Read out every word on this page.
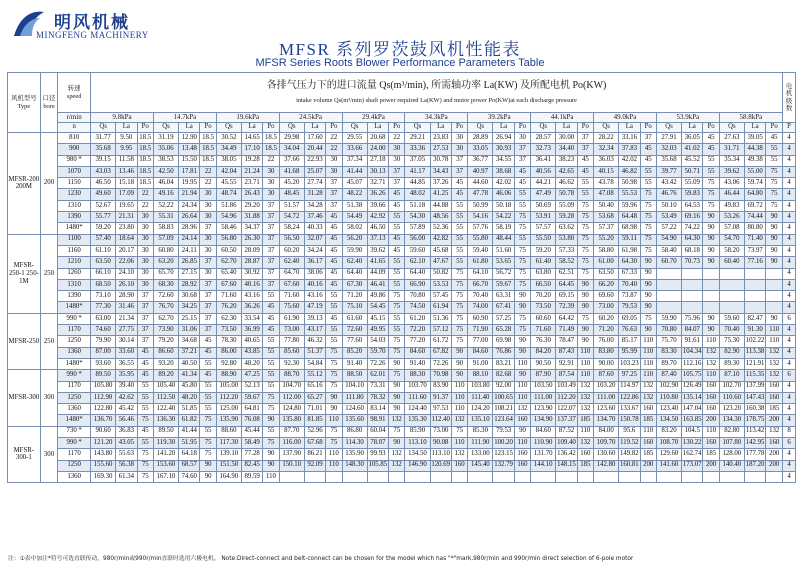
明风机械
MINGFENG MACHINERY
MFSR 系列罗茨鼓风机性能表
MFSR Series Roots Blower Performance Parameters Table
风机型号
Type	口径
bore	转速
speed	各排气压力下的进口流量 Qs(m³/min), 所需轴功率 La(KW) 及所配电机 Po(KW)
intake volume Qs(m³/min) shaft power required La(KW) and motor power Po(KW)at each discharge pressure																																	电机级数
		r/min	9.8kPa			14.7kPa			19.6kPa			24.5kPa			29.4kPa			34.3kPa			39.2kPa			44.1kPa			49.0kPa			53.9kPa			58.8kPa			
		n	Qs	La	Po	Qs	La	Po	Qs	La	Po	Qs	La	Po	Qs	La	Po	Qs	La	Po	Qs	La	Po	Qs	La	Po	Qs	La	Po	Qs	La	Po	Qs	La	Po	P
MFSR-200 200M	200	810	31.77	9.50	18.5	31.19	12.90	18.5	30.52	14.65	18.5	29.98	17.60	22	29.55	20.68	22	29.21	23.83	30	28.89	26.94	30	28.57	30.00	37	28.22	33.16	37	27.91	36.05	45	27.63	39.05	45	4
		900	35.68	9.95	18.5	35.06	13.48	18.5	34.49	17.10	18.5	34.04	20.44	22	33.66	24.00	30	33.36	27.53	30	33.05	30.93	37	32.73	34.40	37	32.34	37.83	45	32.03	41.02	45	31.71	44.38	55	4
		980 *	39.15	11.58	18.5	38.53	15.50	18.5	38.05	19.28	22	37.66	22.93	30	37.34	27.18	30	37.05	30.78	37	36.77	34.55	37	36.41	38.23	45	36.03	42.02	45	35.68	45.52	55	35.34	49.38	55	4
		1070	43.03	13.46	18.5	42.50	17.81	22	42.04	21.24	30	41.68	25.07	30	41.44	30.13	37	41.17	34.43	37	40.97	38.68	45	40.56	42.65	45	40.15	46.82	55	39.77	50.71	55	39.62	55.00	75	4
		1150	46.50	15.18	18.5	46.04	19.95	22	45.55	23.71	30	45.20	27.74	37	45.07	32.71	37	44.85	37.26	45	44.60	42.02	45	44.21	46.62	55	43.78	50.98	55	43.42	55.09	75	43.06	59.74	75	4
		1230	49.60	17.09	22	49.16	21.94	30	48.74	26.43	30	48.45	31.28	37	48.22	36.26	45	48.02	41.25	45	47.78	46.06	55	47.49	50.78	55	47.08	55.53	75	46.76	59.83	75	46.44	64.80	75	4
		1310	52.67	19.65	22	52.22	24.34	30	51.86	29.20	37	51.57	34.28	37	51.38	39.66	45	51.18	44.88	55	50.99	50.18	55	50.69	55.09	75	50.40	59.96	75	50.10	64.53	75	49.83	69.72	75	4
		1390	55.77	21.31	30	55.31	26.64	30	54.96	31.88	37	54.72	37.46	45	54.49	42.92	55	54.30	48.56	55	54.16	54.22	75	53.91	59.28	75	53.68	64.48	75	53.49	69.16	90	53.26	74.44	90	4
		1480*	59.20	23.80	30	58.83	28.96	37	58.46	34.37	37	58.24	40.33	45	58.02	46.50	55	57.89	52.36	55	57.76	58.19	75	57.57	63.62	75	57.37	68.98	75	57.22	74.22	90	57.08	80.80	90	4
MFSR-250-1 250-1M	250	1100	57.40	18.64	30	57.09	24.14	30	56.80	26.30	37	56.50	32.07	45	56.20	37.13	45	56.00	42.82	55	55.80	48.44	55	55.50	53.80	75	55.20	59.11	75	54.90	64.30	90	54.70	71.40	90	4
		1160	61.10	20.17	30	60.80	24.11	30	60.50	28.09	37	60.20	34.24	45	59.90	39.62	45	59.60	45.68	55	59.40	51.60	75	59.20	57.33	75	58.80	61.98	75	58.40	68.18	90	58.20	73.97	90	4
		1210	63.50	22.06	30	63.20	26.85	37	62.70	28.87	37	62.40	36.17	45	62.40	41.65	55	62.10	47.67	55	61.80	53.65	75	61.40	58.52	75	61.00	64.30	90	60.70	70.73	90	60.40	77.16	90	4
		1260	66.10	24.10	30	65.70	27.15	30	65.40	30.92	37	64.70	38.06	45	64.40	44.09	55	64.40	50.82	75	64.10	56.72	75	63.80	62.51	75	63.50	67.33	90							4
		1310	68.50	26.10	30	68.30	28.92	37	67.60	40.16	37	67.60	40.16	45	67.30	46.41	55	66.90	53.53	75	66.70	59.67	75	66.50	64.45	90	66.20	70.40	90							4
		1390	73.10	28.90	37	72.60	30.68	37	71.60	43.16	55	71.60	43.16	55	71.20	49.86	75	70.80	57.45	75	70.40	63.31	90	70.20	69.15	90	69.60	73.87	90							4
		1480*	77.30	31.46	37	76.70	34.25	37	76.20	36.26	45	75.60	47.19	55	75.10	54.45	75	74.50	61.94	75	74.00	67.41	90	73.50	72.39	90	73.00	79.53	90							4
MFSR-250	250	990 *	63.00	21.34	37	62.70	25.15	37	62.30	33.54	45	61.90	39.13	45	61.60	45.15	55	61.20	51.36	75	60.90	57.25	75	60.60	64.42	75	60.20	69.05	75	59.90	75.96	90	59.60	82.47	90	6
		1170	74.60	27.75	37	73.90	31.06	37	73.50	36.99	45	73.00	43.17	55	72.60	49.95	55	72.20	57.12	75	71.90	65.28	75	71.60	71.49	90	71.20	76.63	90	70.80	84.07	90	70.40	91.30	110	4
		1250	79.90	30.14	37	79.20	34.68	45	78.30	40.65	55	77.80	46.32	55	77.60	54.03	75	77.20	61.72	75	77.00	69.98	90	76.30	78.47	90	76.00	85.17	110	75.70	91.61	110	75.30	102.22	110	4
		1360	87.00	33.60	45	86.60	37.21	45	86.00	43.85	55	85.60	51.37	75	85.20	59.70	75	84.60	67.82	90	84.60	76.86	90	84.20	87.43	110	83.80	95.99	110	83.30	104.34	132	82.90	113.38	132	4
		1480*	93.60	36.55	45	93.20	40.50	55	92.80	48.20	55	92.30	54.84	75	91.40	72.26	90	91.40	72.26	90	91.00	83.21	110	90.50	92.91	110	90.00	103.23	110	89.70	112.16	132	89.30	121.91	132	4
MFSR-300	300	990 *	89.50	35.95	45	89.20	41.34	45	88.90	47.25	55	88.70	55.12	75	88.50	62.01	75	88.30	70.98	90	88.10	82.68	90	87.90	87.54	110	87.60	97.25	110	87.40	105.75	110	87.10	115.35	132	6
		1170	105.80	39.40	55	105.40	45.80	55	105.00	52.13	55	104.70	65.16	75	104.10	73.31	90	103.70	83.90	110	103.80	92.00	110	103.50	103.49	132	103.20	114.97	132	102.90	126.49	160	102.70	137.99	160	4
		1250	112.90	42.62	55	112.50	48.20	55	112.20	59.67	75	112.00	65.27	90	111.80	78.32	90	111.60	91.37	110	111.40	100.65	110	111.00	112.20	132	111.00	122.86	132	110.80	135.14	160	110.60	147.43	160	4
		1360	122.80	45.42	55	122.40	51.85	55	125.00	64.81	75	124.80	71.01	90	124.60	83.14	90	124.40	97.53	110	124.20	108.21	132	123.90	122.07	132	123.60	133.67	160	123.40	147.04	160	123.20	160.38	185	4
		1480*	136.70	56.46	75	136.30	61.82	75	135.90	76.08	90	135.80	81.85	110	135.60	98.91	132	135.30	112.40	132	135.10	123.64	160	134.90	137.37	185	134.70	150.78	185	134.50	163.85	200	134.30	178.75	200	4
MFSR-300-1	300	730 *	90.60	36.83	45	89.50	41.44	55	88.60	45.44	55	87.70	52.96	75	86.80	60.04	75	85.90	73.00	75	85.30	79.53	90	84.60	87.52	110	84.00	95.6	110	83.20	104.5	110	82.80	113.42	132	8
		990 *	121.20	43.05	55	119.30	51.95	75	117.30	58.49	75	116.00	67.68	75	114.30	78.07	90	113.10	90.08	110	111.90	100.20	110	110.90	109.40	132	109.70	119.52	160	108.70	130.22	160	107.80	142.95	160	6
		1170	143.80	55.63	75	141.20	64.18	75	139.10	77.28	90	137.90	86.21	110	135.90	99.93	132	134.50	113.10	132	133.00	123.15	160	131.70	136.42	160	130.60	149.82	185	129.60	162.74	185	128.00	177.78	200	4
		1250	155.60	56.38	75	153.60	68.57	90	151.50	82.45	90	150.10	92.09	110	148.30	105.85	132	146.90	120.69	160	145.40	132.79	160	144.10	148.15	185	142.80	160.81	200	141.60	173.07	200	140.40	187.20	200	4
		1360	169.30	61.34	75	167.10	74.60	90	164.90	89.59	110																									4
注：①表中加注*符号可选直联传动，980r/min或990r/min直联时选用六极电机。 Note:Direct-connect and belt-connect can be chosen for the model which has "*"mark,980r/min and 990r/min direct selection of 6-pole motor
